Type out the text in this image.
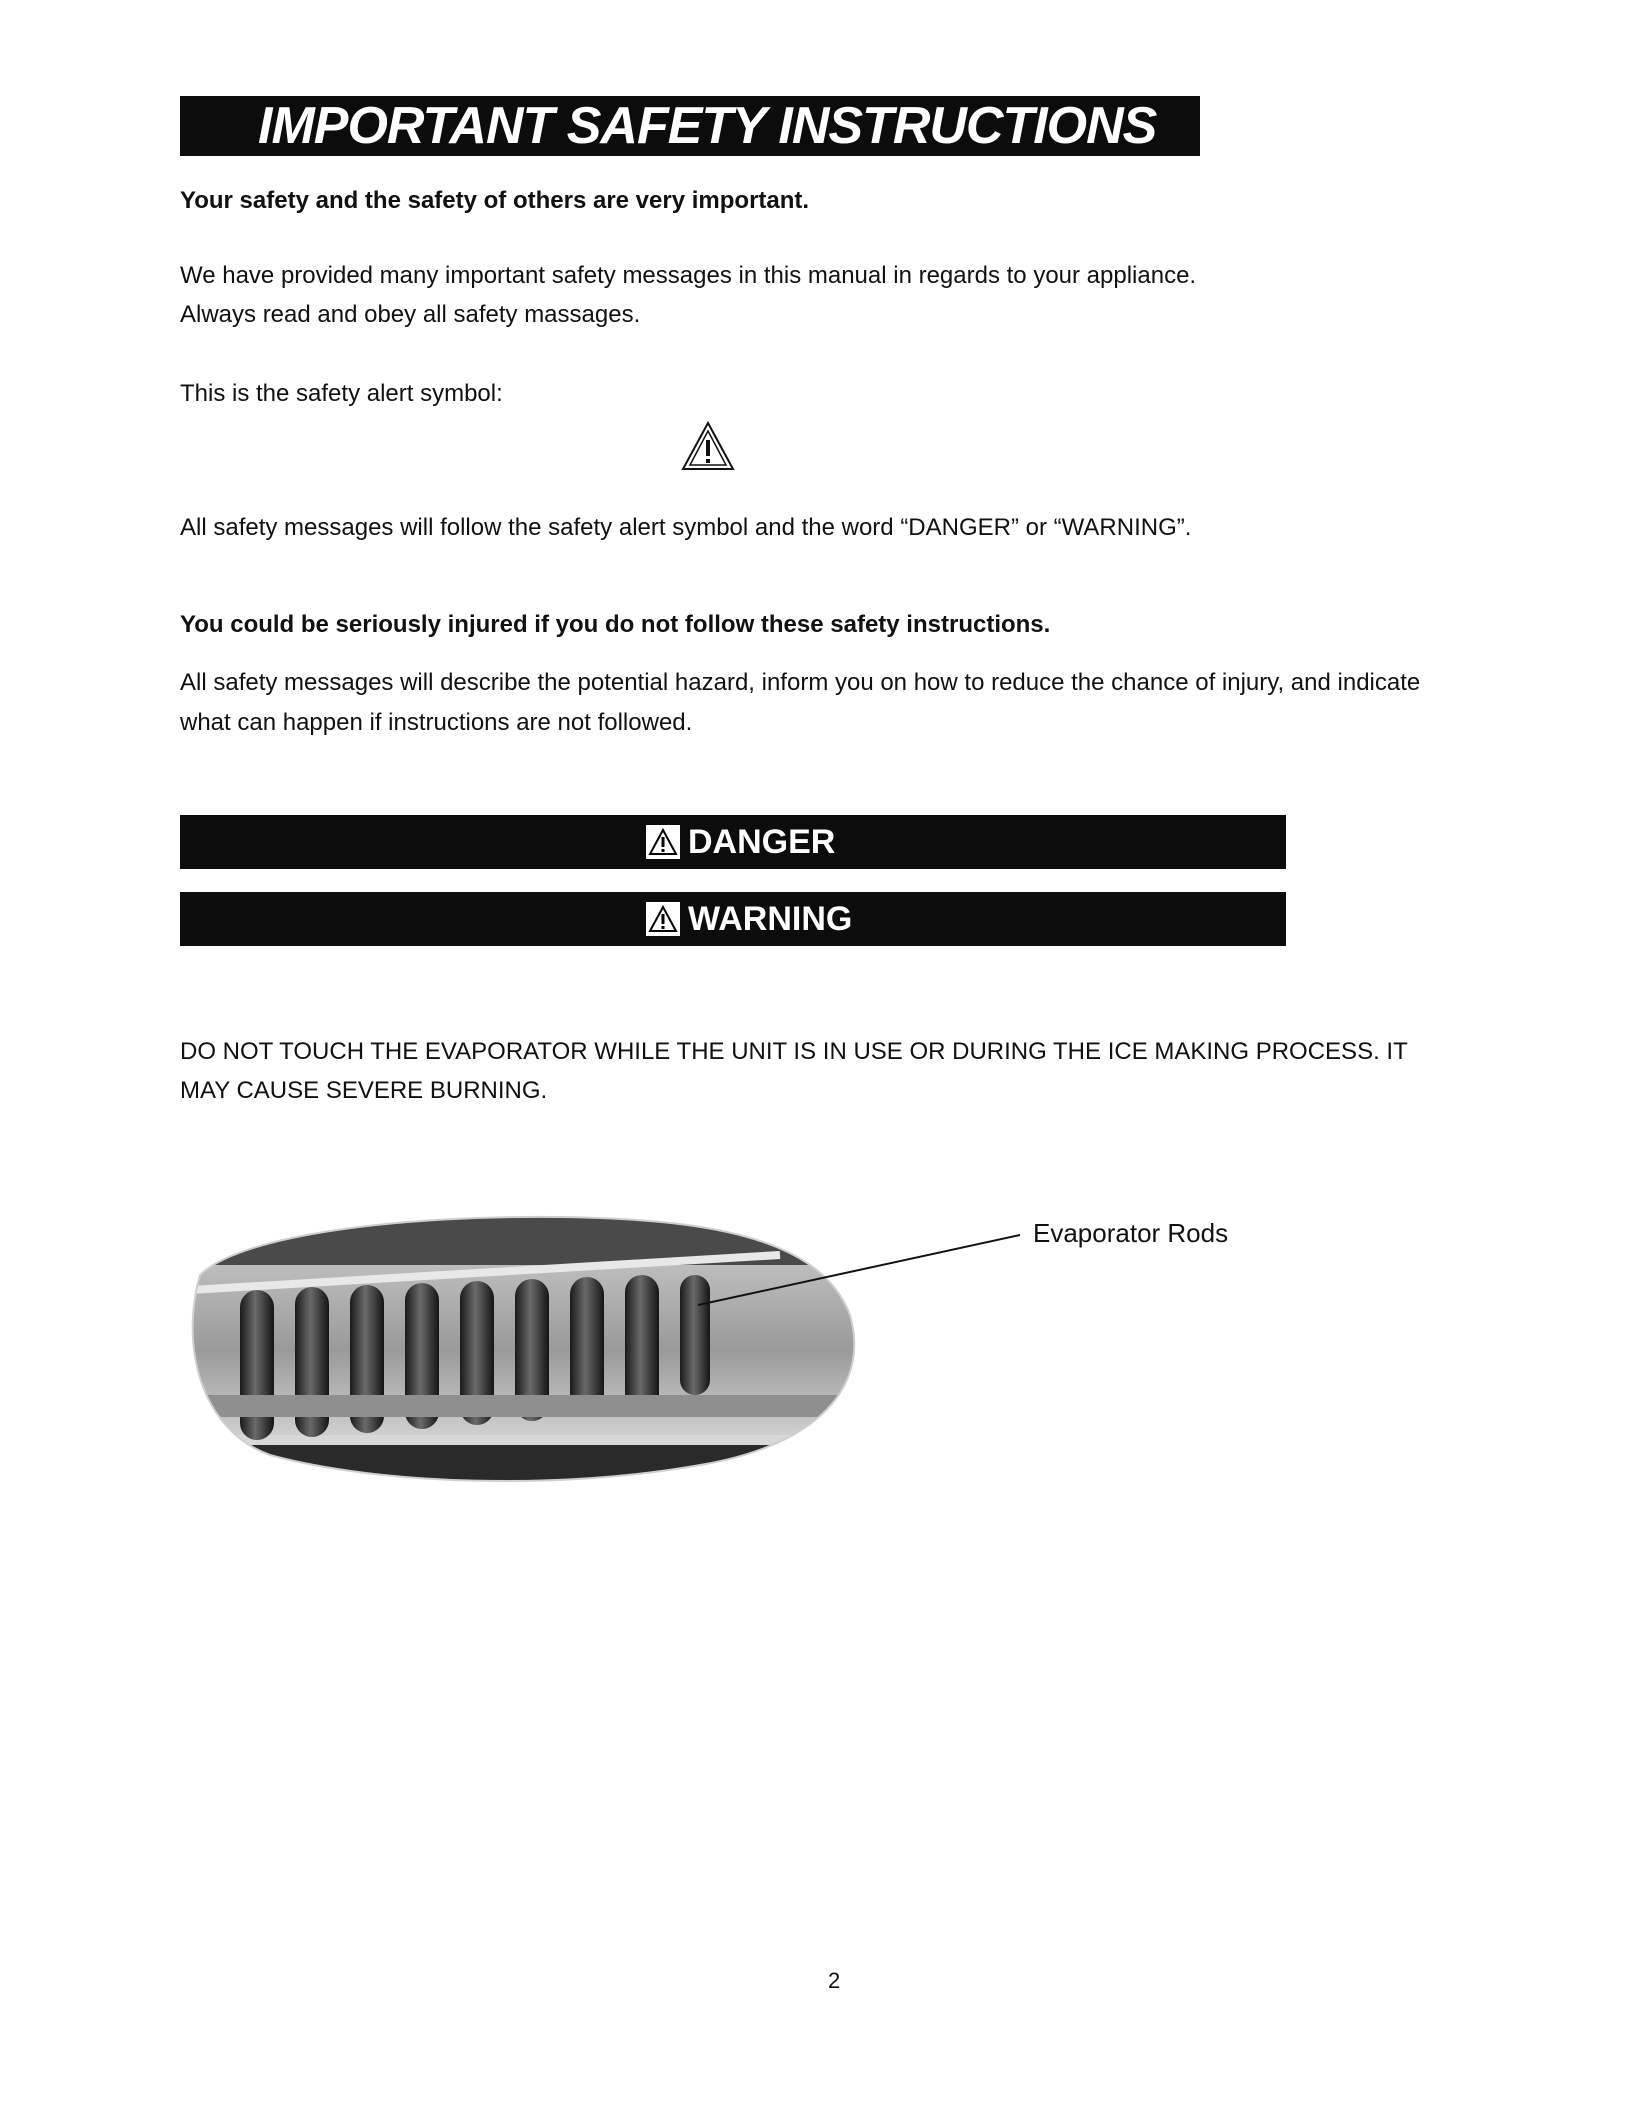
IMPORTANT SAFETY INSTRUCTIONS
Your safety and the safety of others are very important.
We have provided many important safety messages in this manual in regards to your appliance.
Always read and obey all safety massages.
This is the safety alert symbol:
All safety messages will follow the safety alert symbol and the word “DANGER” or “WARNING”.
You could be seriously injured if you do not follow these safety instructions.
All safety messages will describe the potential hazard, inform you on how to reduce the chance of injury, and indicate
what can happen if instructions are not followed.
DANGER
WARNING
DO NOT TOUCH THE EVAPORATOR WHILE THE UNIT IS IN USE OR DURING THE ICE MAKING PROCESS. IT
MAY CAUSE SEVERE BURNING.
Evaporator Rods
2
